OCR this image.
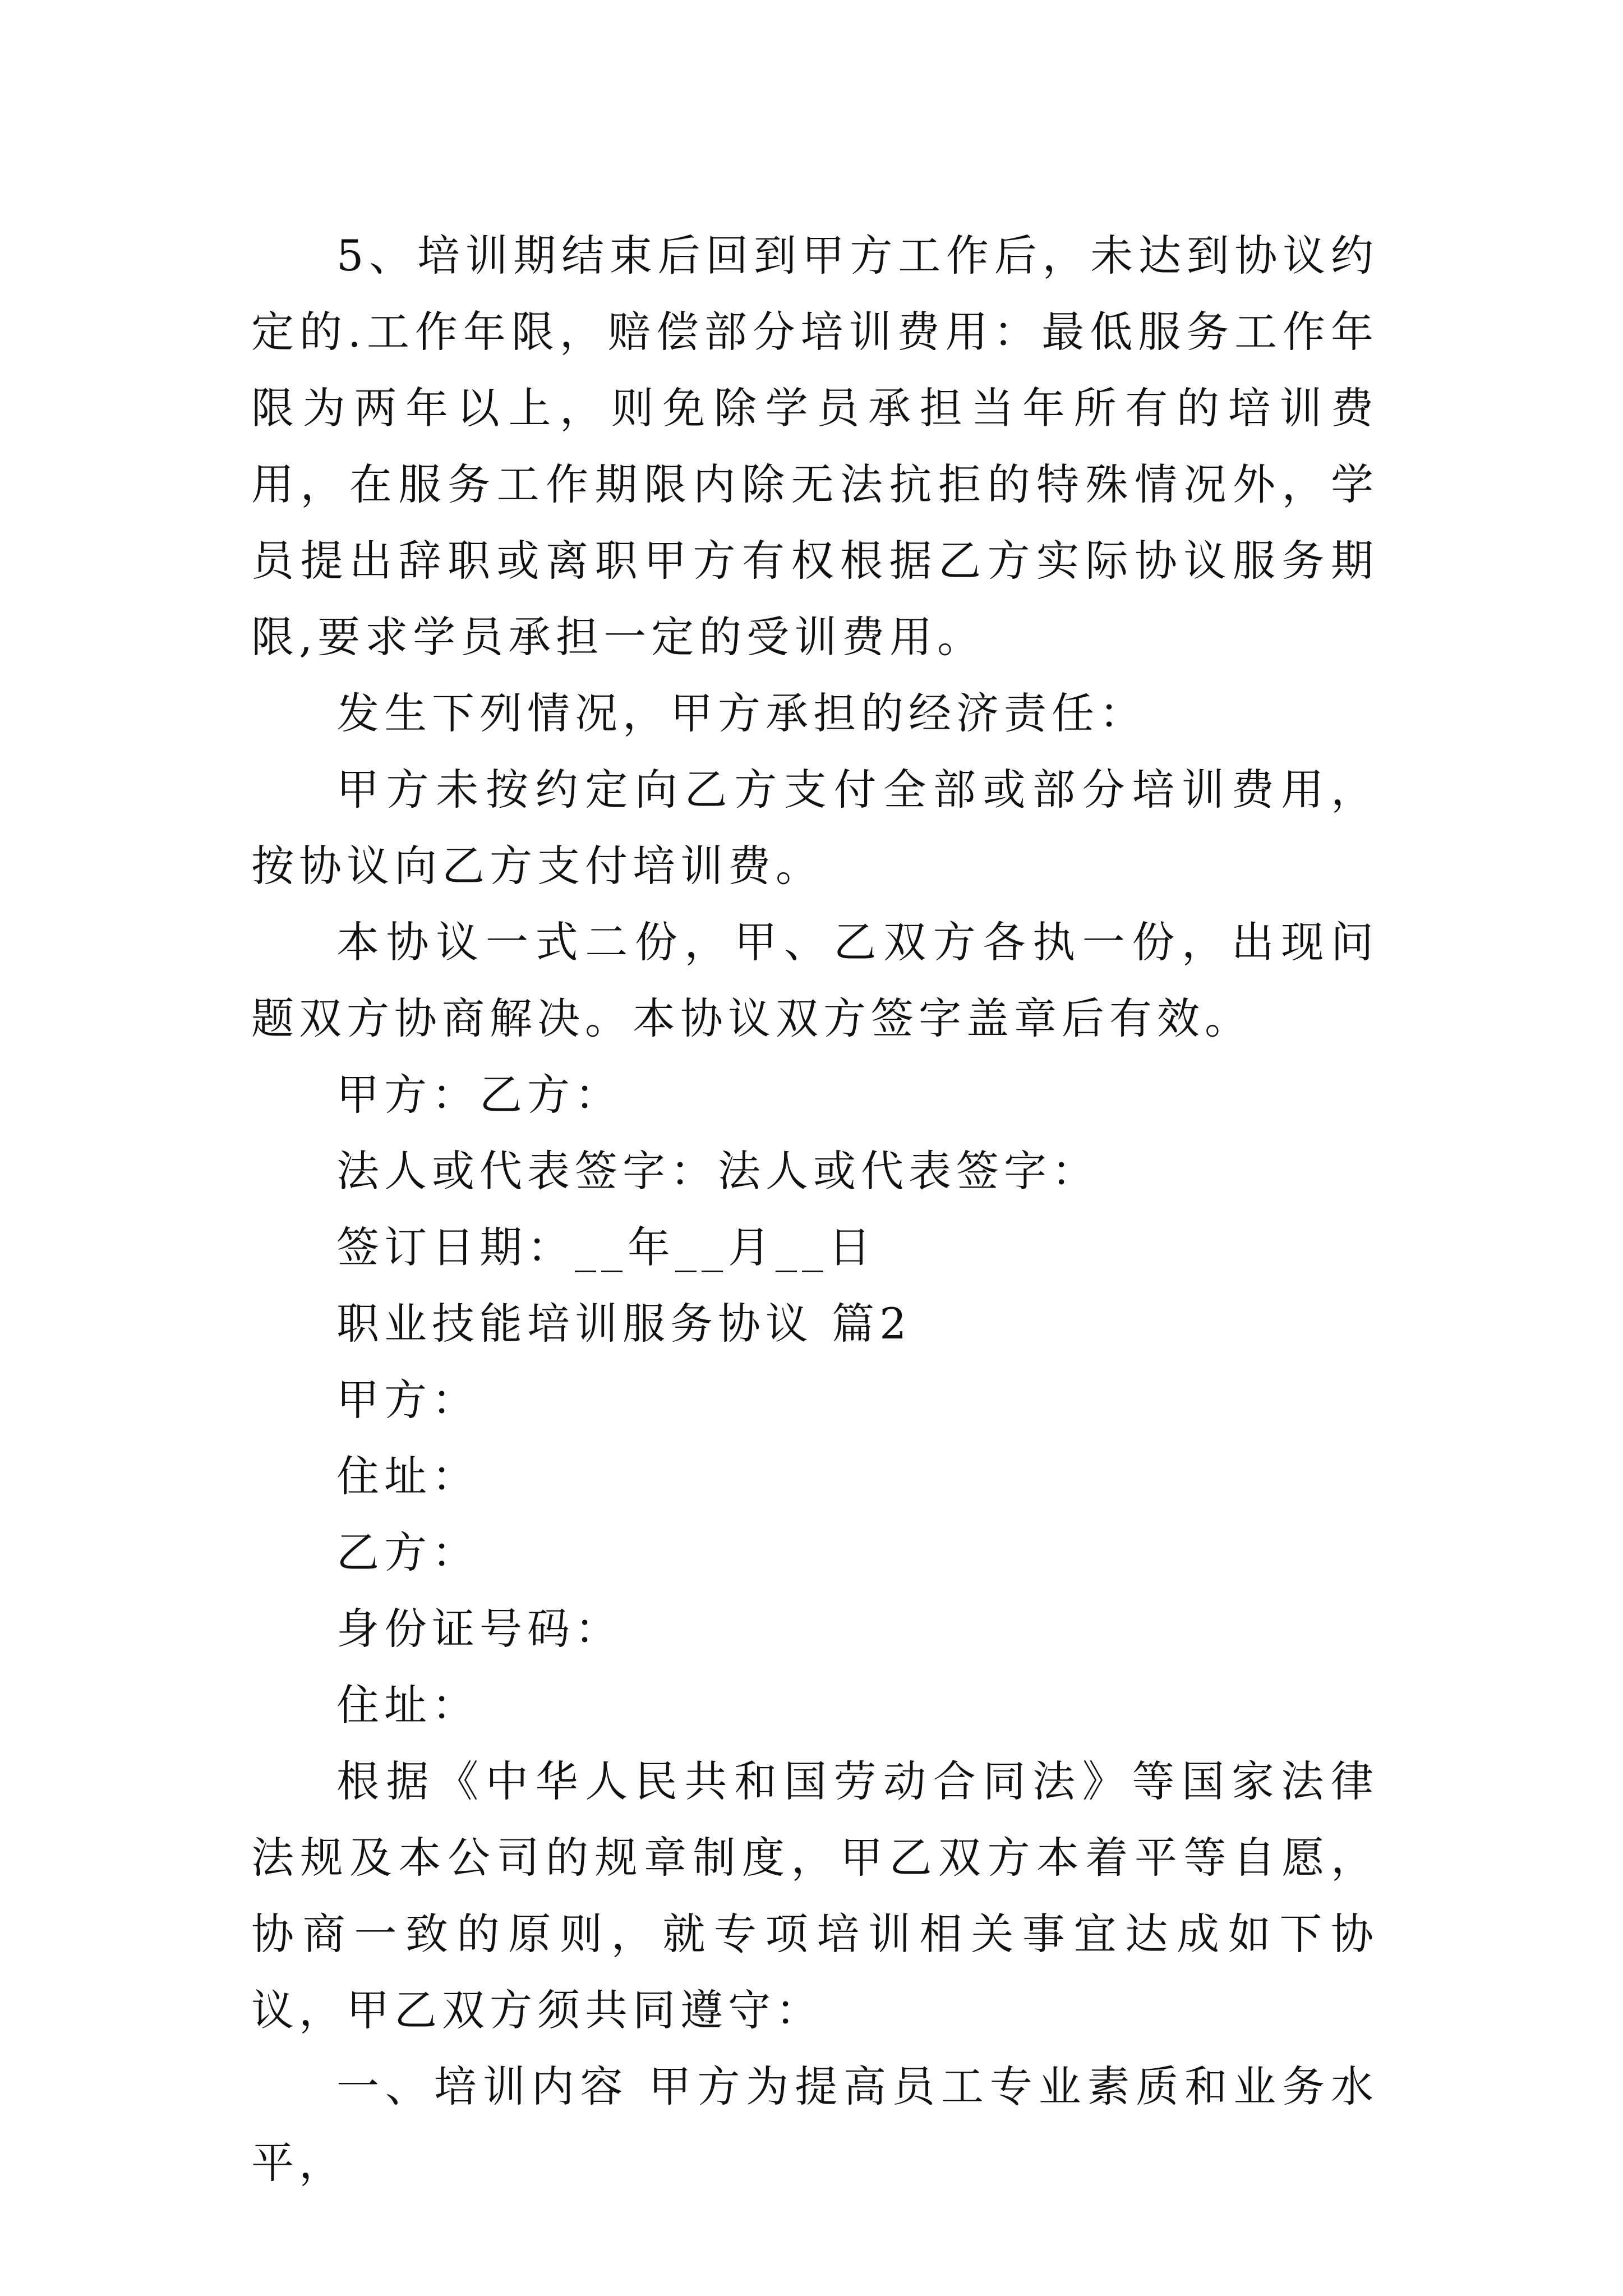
5、培训期结束后回到甲方工作后，未达到协议约定的.工作年限，赔偿部分培训费用：最低服务工作年限为两年以上，则免除学员承担当年所有的培训费用，在服务工作期限内除无法抗拒的特殊情况外，学员提出辞职或离职甲方有权根据乙方实际协议服务期限,要求学员承担一定的受训费用。

发生下列情况，甲方承担的经济责任：

甲方未按约定向乙方支付全部或部分培训费用，按协议向乙方支付培训费。

本协议一式二份，甲、乙双方各执一份，出现问题双方协商解决。本协议双方签字盖章后有效。

甲方：乙方：

法人或代表签字：法人或代表签字：

签订日期：__年__月__日

职业技能培训服务协议 篇2

甲方：

住址：

乙方：

身份证号码：

住址：

根据《中华人民共和国劳动合同法》等国家法律法规及本公司的规章制度，甲乙双方本着平等自愿，协商一致的原则，就专项培训相关事宜达成如下协议，甲乙双方须共同遵守：

一、培训内容 甲方为提高员工专业素质和业务水平，
